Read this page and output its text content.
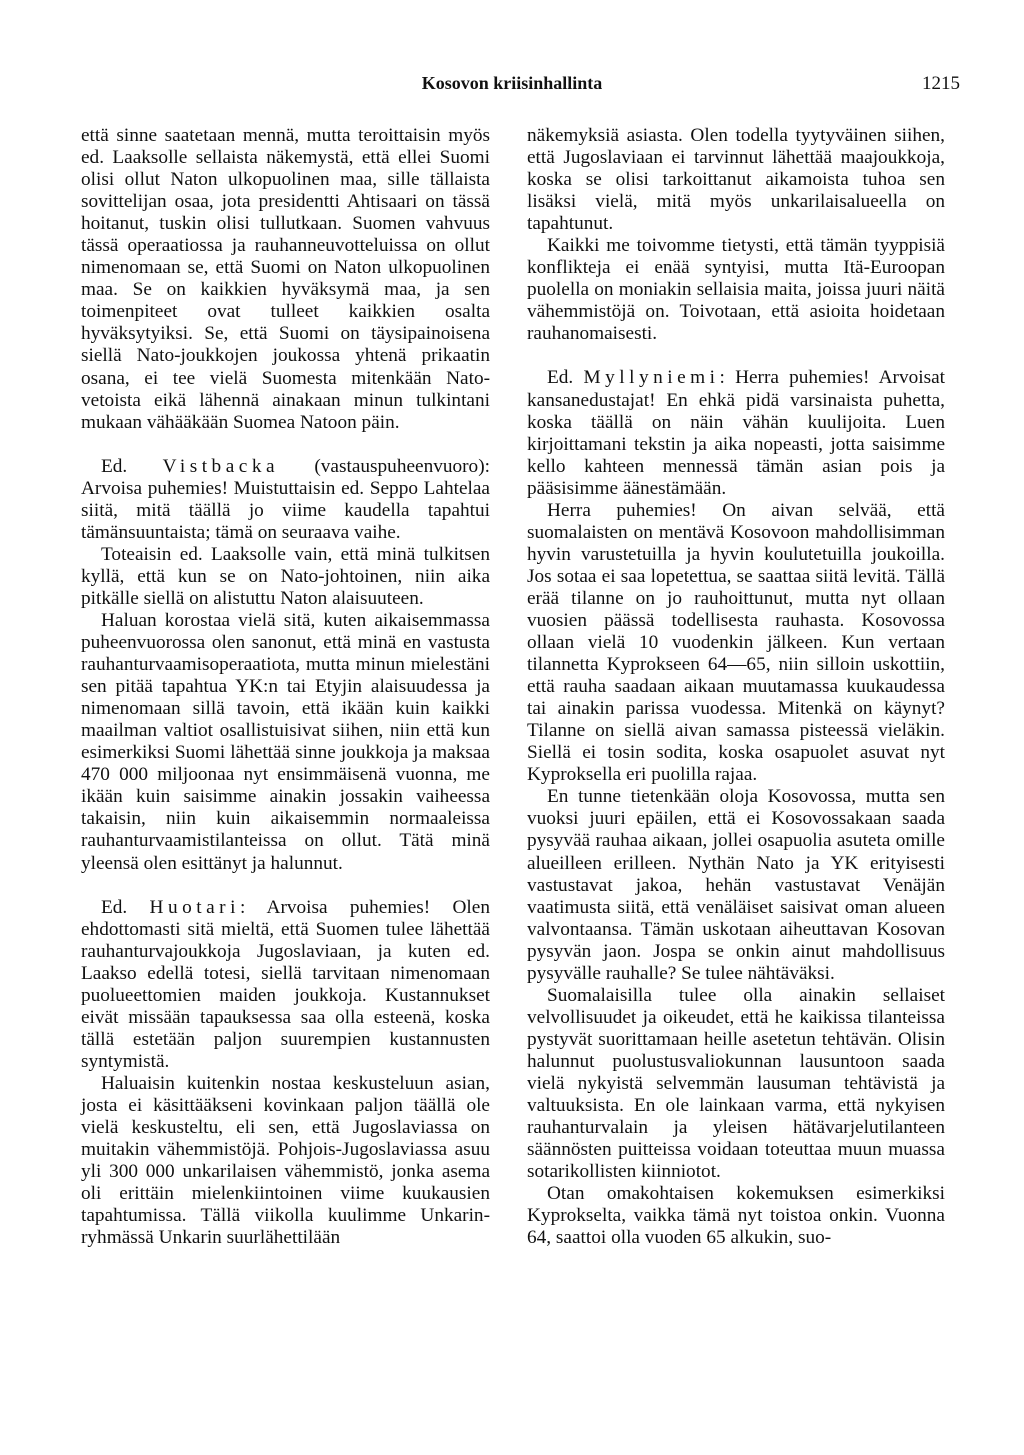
Kosovon kriisinhallinta	1215

että sinne saatetaan mennä, mutta teroittaisin myös ed. Laaksolle sellaista näkemystä, että ellei Suomi olisi ollut Naton ulkopuolinen maa, sille tällaista sovittelijan osaa, jota presidentti Ahtisaari on tässä hoitanut, tuskin olisi tullutkaan. Suomen vahvuus tässä operaatiossa ja rauhanneuvotteluissa on ollut nimenomaan se, että Suomi on Naton ulkopuolinen maa. Se on kaikkien hyväksymä maa, ja sen toimenpiteet ovat tulleet kaikkien osalta hyväksytyiksi. Se, että Suomi on täysipainoisena siellä Nato-joukkojen joukossa yhtenä prikaatin osana, ei tee vielä Suomesta mitenkään Nato-vetoista eikä lähennä ainakaan minun tulkintani mukaan vähääkään Suomea Natoon päin.

Ed. Vistbacka (vastauspuheenvuoro): Arvoisa puhemies! Muistuttaisin ed. Seppo Lahtelaa siitä, mitä täällä jo viime kaudella tapahtui tämänsuuntaista; tämä on seuraava vaihe.

Toteaisin ed. Laaksolle vain, että minä tulkitsen kyllä, että kun se on Nato-johtoinen, niin aika pitkälle siellä on alistuttu Naton alaisuuteen.

Haluan korostaa vielä sitä, kuten aikaisemmassa puheenvuorossa olen sanonut, että minä en vastusta rauhanturvaamisoperaatiota, mutta minun mielestäni sen pitää tapahtua YK:n tai Etyjin alaisuudessa ja nimenomaan sillä tavoin, että ikään kuin kaikki maailman valtiot osallistuisivat siihen, niin että kun esimerkiksi Suomi lähettää sinne joukkoja ja maksaa 470 000 miljoonaa nyt ensimmäisenä vuonna, me ikään kuin saisimme ainakin jossakin vaiheessa takaisin, niin kuin aikaisemmin normaaleissa rauhanturvaamistilanteissa on ollut. Tätä minä yleensä olen esittänyt ja halunnut.

Ed. Huotari: Arvoisa puhemies! Olen ehdottomasti sitä mieltä, että Suomen tulee lähettää rauhanturvajoukkoja Jugoslaviaan, ja kuten ed. Laakso edellä totesi, siellä tarvitaan nimenomaan puolueettomien maiden joukkoja. Kustannukset eivät missään tapauksessa saa olla esteenä, koska tällä estetään paljon suurempien kustannusten syntymistä.

Haluaisin kuitenkin nostaa keskusteluun asian, josta ei käsittääkseni kovinkaan paljon täällä ole vielä keskusteltu, eli sen, että Jugoslaviassa on muitakin vähemmistöjä. Pohjois-Jugoslaviassa asuu yli 300 000 unkarilaisen vähemmistö, jonka asema oli erittäin mielenkiintoinen viime kuukausien tapahtumissa. Tällä viikolla kuulimme Unkarin-ryhmässä Unkarin suurlähettilään

näkemyksiä asiasta. Olen todella tyytyväinen siihen, että Jugoslaviaan ei tarvinnut lähettää maajoukkoja, koska se olisi tarkoittanut aikamoista tuhoa sen lisäksi vielä, mitä myös unkarilaisalueella on tapahtunut.

Kaikki me toivomme tietysti, että tämän tyyppisiä konflikteja ei enää syntyisi, mutta Itä-Euroopan puolella on moniakin sellaisia maita, joissa juuri näitä vähemmistöjä on. Toivotaan, että asioita hoidetaan rauhanomaisesti.

Ed. Myllyniemi: Herra puhemies! Arvoisat kansanedustajat! En ehkä pidä varsinaista puhetta, koska täällä on näin vähän kuulijoita. Luen kirjoittamani tekstin ja aika nopeasti, jotta saisimme kello kahteen mennessä tämän asian pois ja pääsisimme äänestämään.

Herra puhemies! On aivan selvää, että suomalaisten on mentävä Kosovoon mahdollisimman hyvin varustetuilla ja hyvin koulutetuilla joukoilla. Jos sotaa ei saa lopetettua, se saattaa siitä levitä. Tällä erää tilanne on jo rauhoittunut, mutta nyt ollaan vuosien päässä todellisesta rauhasta. Kosovossa ollaan vielä 10 vuodenkin jälkeen. Kun vertaan tilannetta Kyprokseen 64—65, niin silloin uskottiin, että rauha saadaan aikaan muutamassa kuukaudessa tai ainakin parissa vuodessa. Mitenkä on käynyt? Tilanne on siellä aivan samassa pisteessä vieläkin. Siellä ei tosin sodita, koska osapuolet asuvat nyt Kyproksella eri puolilla rajaa.

En tunne tietenkään oloja Kosovossa, mutta sen vuoksi juuri epäilen, että ei Kosovossakaan saada pysyvää rauhaa aikaan, jollei osapuolia asuteta omille alueilleen erilleen. Nythän Nato ja YK erityisesti vastustavat jakoa, hehän vastustavat Venäjän vaatimusta siitä, että venäläiset saisivat oman alueen valvontaansa. Tämän uskotaan aiheuttavan Kosovan pysyvän jaon. Jospa se onkin ainut mahdollisuus pysyvälle rauhalle? Se tulee nähtäväksi.

Suomalaisilla tulee olla ainakin sellaiset velvollisuudet ja oikeudet, että he kaikissa tilanteissa pystyvät suorittamaan heille asetetun tehtävän. Olisin halunnut puolustusvaliokunnan lausuntoon saada vielä nykyistä selvemmän lausuman tehtävistä ja valtuuksista. En ole lainkaan varma, että nykyisen rauhanturvalain ja yleisen hätävarjelutilanteen säännösten puitteissa voidaan toteuttaa muun muassa sotarikollisten kiinniotot.

Otan omakohtaisen kokemuksen esimerkiksi Kyprokselta, vaikka tämä nyt toistoa onkin. Vuonna 64, saattoi olla vuoden 65 alkukin, suo-
